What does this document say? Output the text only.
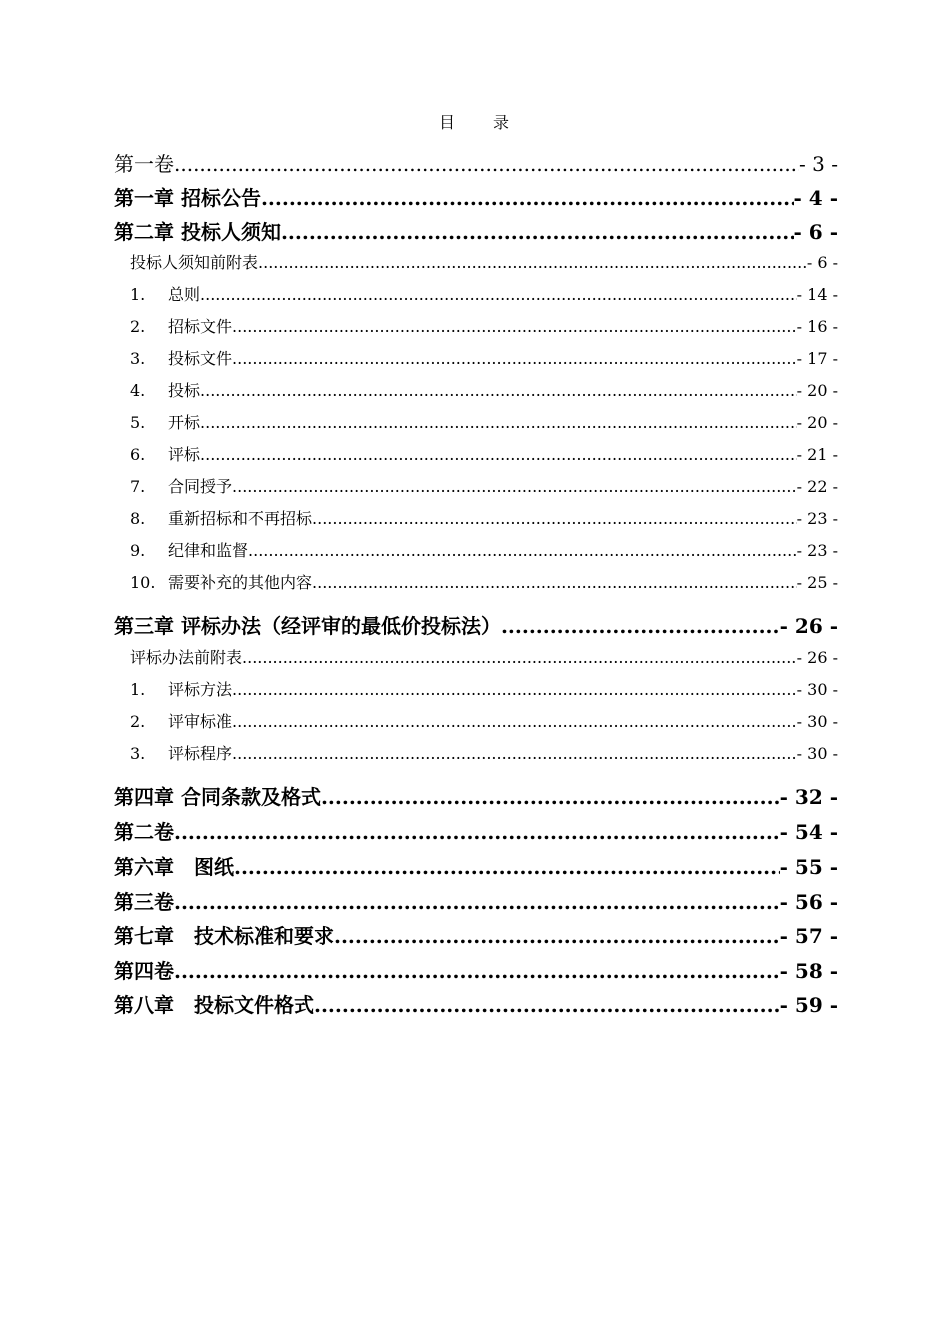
目　　录
第一卷 .....	- 3 -
第一章 招标公告 .....	- 4 -
第二章 投标人须知 .....	- 6 -
投标人须知前附表 .....	- 6 -
1.	总则 .....	- 14 -
2.	招标文件 .....	- 16 -
3.	投标文件 .....	- 17 -
4.	投标 .....	- 20 -
5.	开标 .....	- 20 -
6.	评标 .....	- 21 -
7.	合同授予 .....	- 22 -
8.	重新招标和不再招标 .....	- 23 -
9.	纪律和监督 .....	- 23 -
10. 需要补充的其他内容 .....	- 25 -
第三章 评标办法（经评审的最低价投标法） .....	- 26 -
评标办法前附表 .....	- 26 -
1.	评标方法 .....	- 30 -
2.	评审标准 .....	- 30 -
3.	评标程序 .....	- 30 -
第四章 合同条款及格式 .....	- 32 -
第二卷 .....	- 54 -
第六章　图纸 .....	- 55 -
第三卷 .....	- 56 -
第七章　技术标准和要求 .....	- 57 -
第四卷 .....	- 58 -
第八章　投标文件格式 .....	- 59 -
